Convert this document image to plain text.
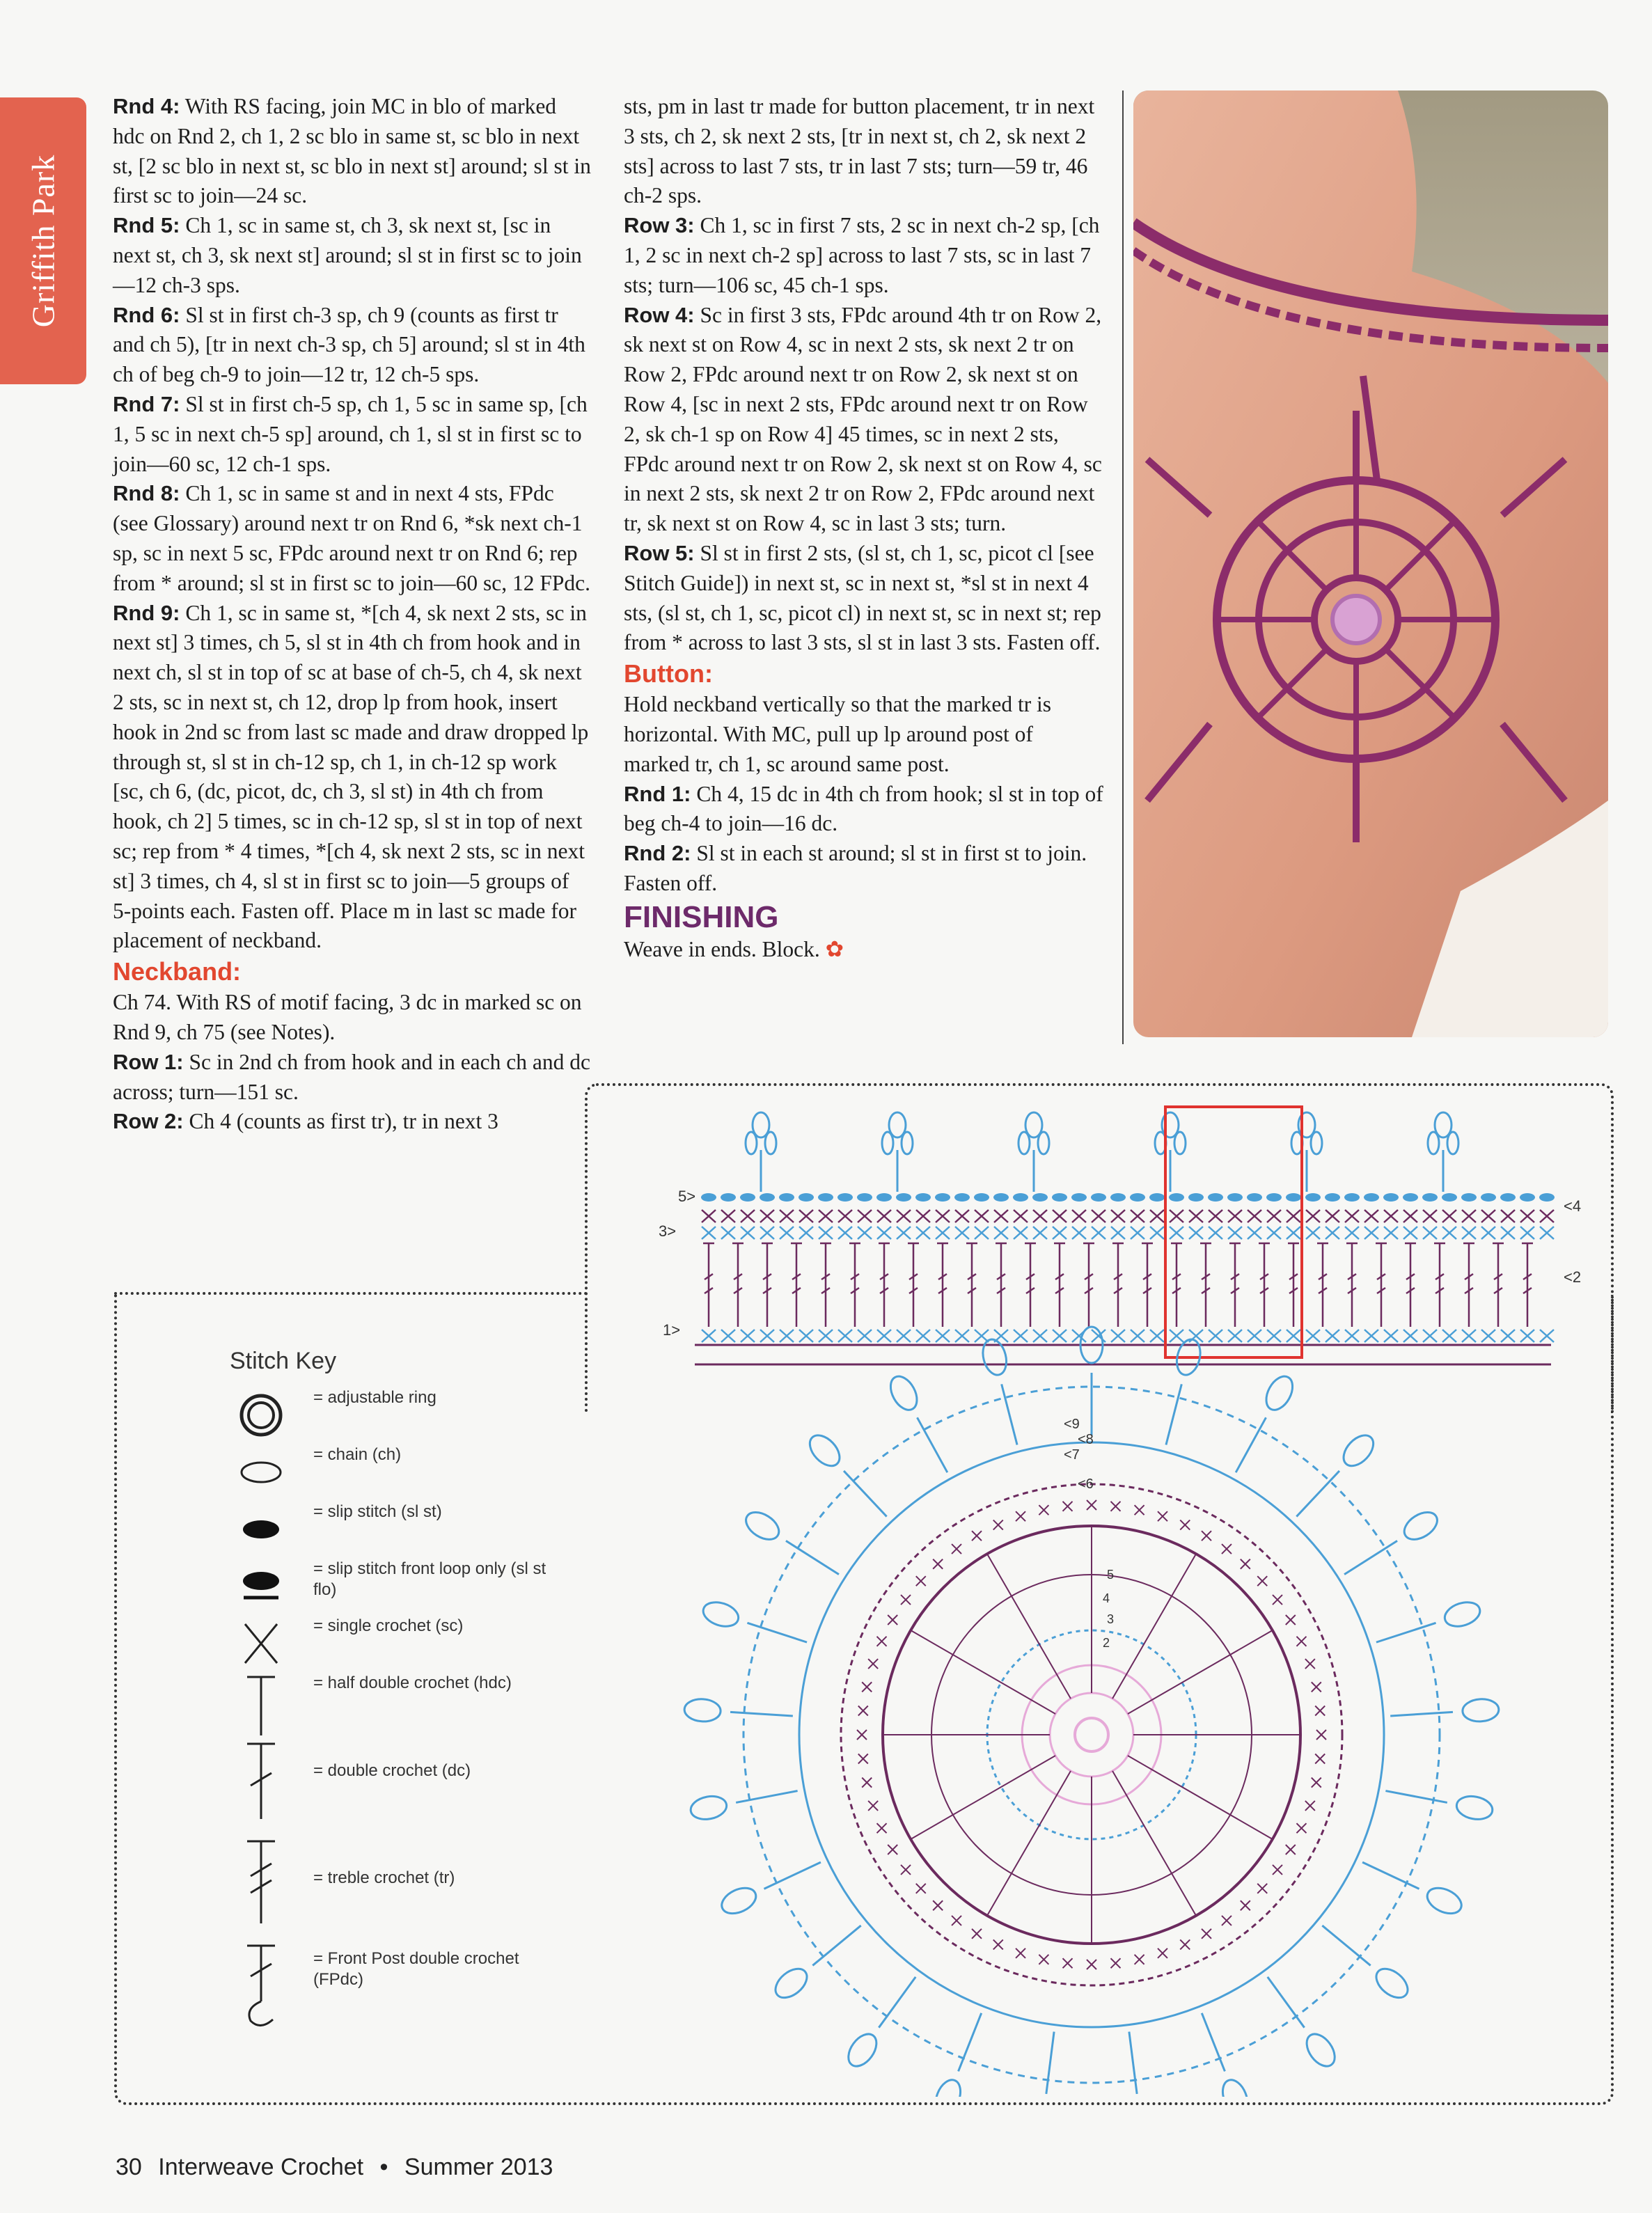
Griffith Park

Rnd 4: With RS facing, join MC in blo of marked hdc on Rnd 2, ch 1, 2 sc blo in same st, sc blo in next st, [2 sc blo in next st, sc blo in next st] around; sl st in first sc to join—24 sc.

Rnd 5: Ch 1, sc in same st, ch 3, sk next st, [sc in next st, ch 3, sk next st] around; sl st in first sc to join—12 ch-3 sps.

Rnd 6: Sl st in first ch-3 sp, ch 9 (counts as first tr and ch 5), [tr in next ch-3 sp, ch 5] around; sl st in 4th ch of beg ch-9 to join—12 tr, 12 ch-5 sps.

Rnd 7: Sl st in first ch-5 sp, ch 1, 5 sc in same sp, [ch 1, 5 sc in next ch-5 sp] around, ch 1, sl st in first sc to join—60 sc, 12 ch-1 sps.

Rnd 8: Ch 1, sc in same st and in next 4 sts, FPdc (see Glossary) around next tr on Rnd 6, *sk next ch-1 sp, sc in next 5 sc, FPdc around next tr on Rnd 6; rep from * around; sl st in first sc to join—60 sc, 12 FPdc.

Rnd 9: Ch 1, sc in same st, *[ch 4, sk next 2 sts, sc in next st] 3 times, ch 5, sl st in 4th ch from hook and in next ch, sl st in top of sc at base of ch-5, ch 4, sk next 2 sts, sc in next st, ch 12, drop lp from hook, insert hook in 2nd sc from last sc made and draw dropped lp through st, sl st in ch-12 sp, ch 1, in ch-12 sp work [sc, ch 6, (dc, picot, dc, ch 3, sl st) in 4th ch from hook, ch 2] 5 times, sc in ch-12 sp, sl st in top of next sc; rep from * 4 times, *[ch 4, sk next 2 sts, sc in next st] 3 times, ch 4, sl st in first sc to join—5 groups of 5-points each. Fasten off. Place m in last sc made for placement of neckband.

Neckband:

Ch 74. With RS of motif facing, 3 dc in marked sc on Rnd 9, ch 75 (see Notes).

Row 1: Sc in 2nd ch from hook and in each ch and dc across; turn—151 sc.

Row 2: Ch 4 (counts as first tr), tr in next 3

sts, pm in last tr made for button placement, tr in next 3 sts, ch 2, sk next 2 sts, [tr in next st, ch 2, sk next 2 sts] across to last 7 sts, tr in last 7 sts; turn—59 tr, 46 ch-2 sps.

Row 3: Ch 1, sc in first 7 sts, 2 sc in next ch-2 sp, [ch 1, 2 sc in next ch-2 sp] across to last 7 sts, sc in last 7 sts; turn—106 sc, 45 ch-1 sps.

Row 4: Sc in first 3 sts, FPdc around 4th tr on Row 2, sk next st on Row 4, sc in next 2 sts, sk next 2 tr on Row 2, FPdc around next tr on Row 2, sk next st on Row 4, [sc in next 2 sts, FPdc around next tr on Row 2, sk ch-1 sp on Row 4] 45 times, sc in next 2 sts, FPdc around next tr on Row 2, sk next st on Row 4, sc in next 2 sts, sk next 2 tr on Row 2, FPdc around next tr, sk next st on Row 4, sc in last 3 sts; turn.

Row 5: Sl st in first 2 sts, (sl st, ch 1, sc, picot cl [see Stitch Guide]) in next st, sc in next st, *sl st in next 4 sts, (sl st, ch 1, sc, picot cl) in next st, sc in next st; rep from * across to last 3 sts, sl st in last 3 sts. Fasten off.

Button:

Hold neckband vertically so that the marked tr is horizontal. With MC, pull up lp around post of marked tr, ch 1, sc around same post.

Rnd 1: Ch 4, 15 dc in 4th ch from hook; sl st in top of beg ch-4 to join—16 dc.

Rnd 2: Sl st in each st around; sl st in first st to join. Fasten off.

FINISHING

Weave in ends. Block. ✿

5>
3>
1>
<4
<2
<9
<8
<7
<6
5
4
3
2
Stitch Key
= adjustable ring
= chain (ch)
= slip stitch (sl st)
= slip stitch front loop only (sl st flo)
= single crochet (sc)
= half double crochet (hdc)
= double crochet (dc)
= treble crochet (tr)
= Front Post double crochet (FPdc)
30 Interweave Crochet • Summer 2013
